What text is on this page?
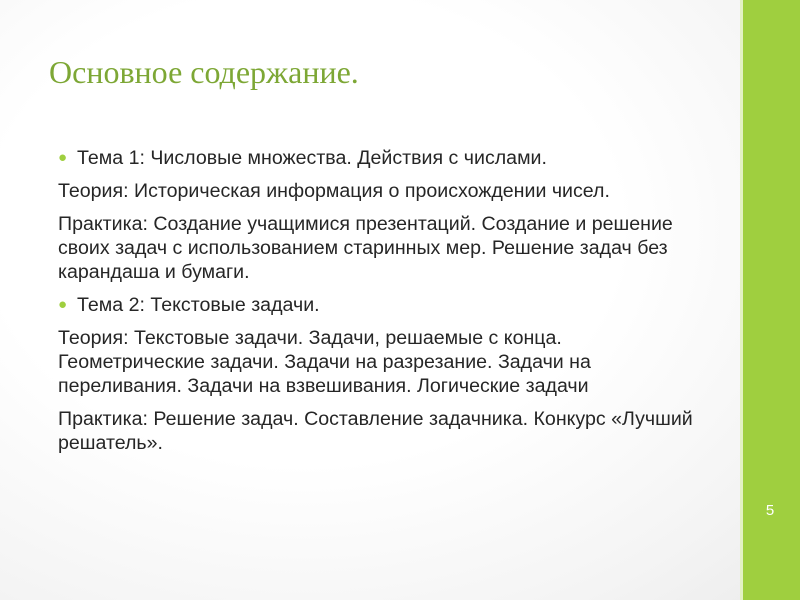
Основное содержание.
● Тема 1: Числовые множества. Действия с числами.

Теория: Историческая информация о происхождении чисел.

Практика: Создание учащимися презентаций. Создание и решение своих задач с использованием старинных мер. Решение задач без карандаша и бумаги.

● Тема 2: Текстовые задачи.

Теория: Текстовые задачи. Задачи, решаемые с конца. Геометрические задачи. Задачи на разрезание. Задачи на переливания. Задачи на взвешивания. Логические задачи

Практика: Решение задач. Составление задачника. Конкурс «Лучший решатель».

5
